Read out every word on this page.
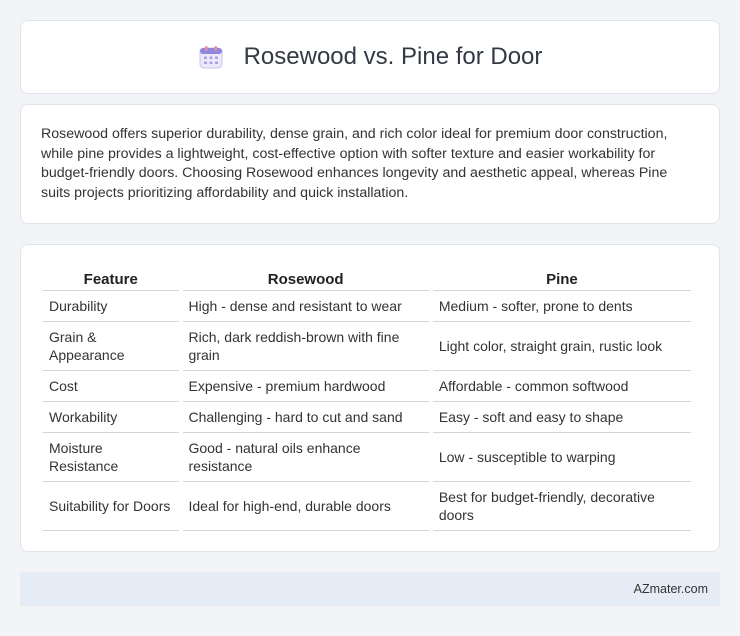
Rosewood vs. Pine for Door

Rosewood offers superior durability, dense grain, and rich color ideal for premium door construction, while pine provides a lightweight, cost-effective option with softer texture and easier workability for budget-friendly doors. Choosing Rosewood enhances longevity and aesthetic appeal, whereas Pine suits projects prioritizing affordability and quick installation.

Feature	Rosewood	Pine
Durability	High - dense and resistant to wear	Medium - softer, prone to dents
Grain & Appearance	Rich, dark reddish-brown with fine grain	Light color, straight grain, rustic look
Cost	Expensive - premium hardwood	Affordable - common softwood
Workability	Challenging - hard to cut and sand	Easy - soft and easy to shape
Moisture Resistance	Good - natural oils enhance resistance	Low - susceptible to warping
Suitability for Doors	Ideal for high-end, durable doors	Best for budget-friendly, decorative doors
AZmater.com
